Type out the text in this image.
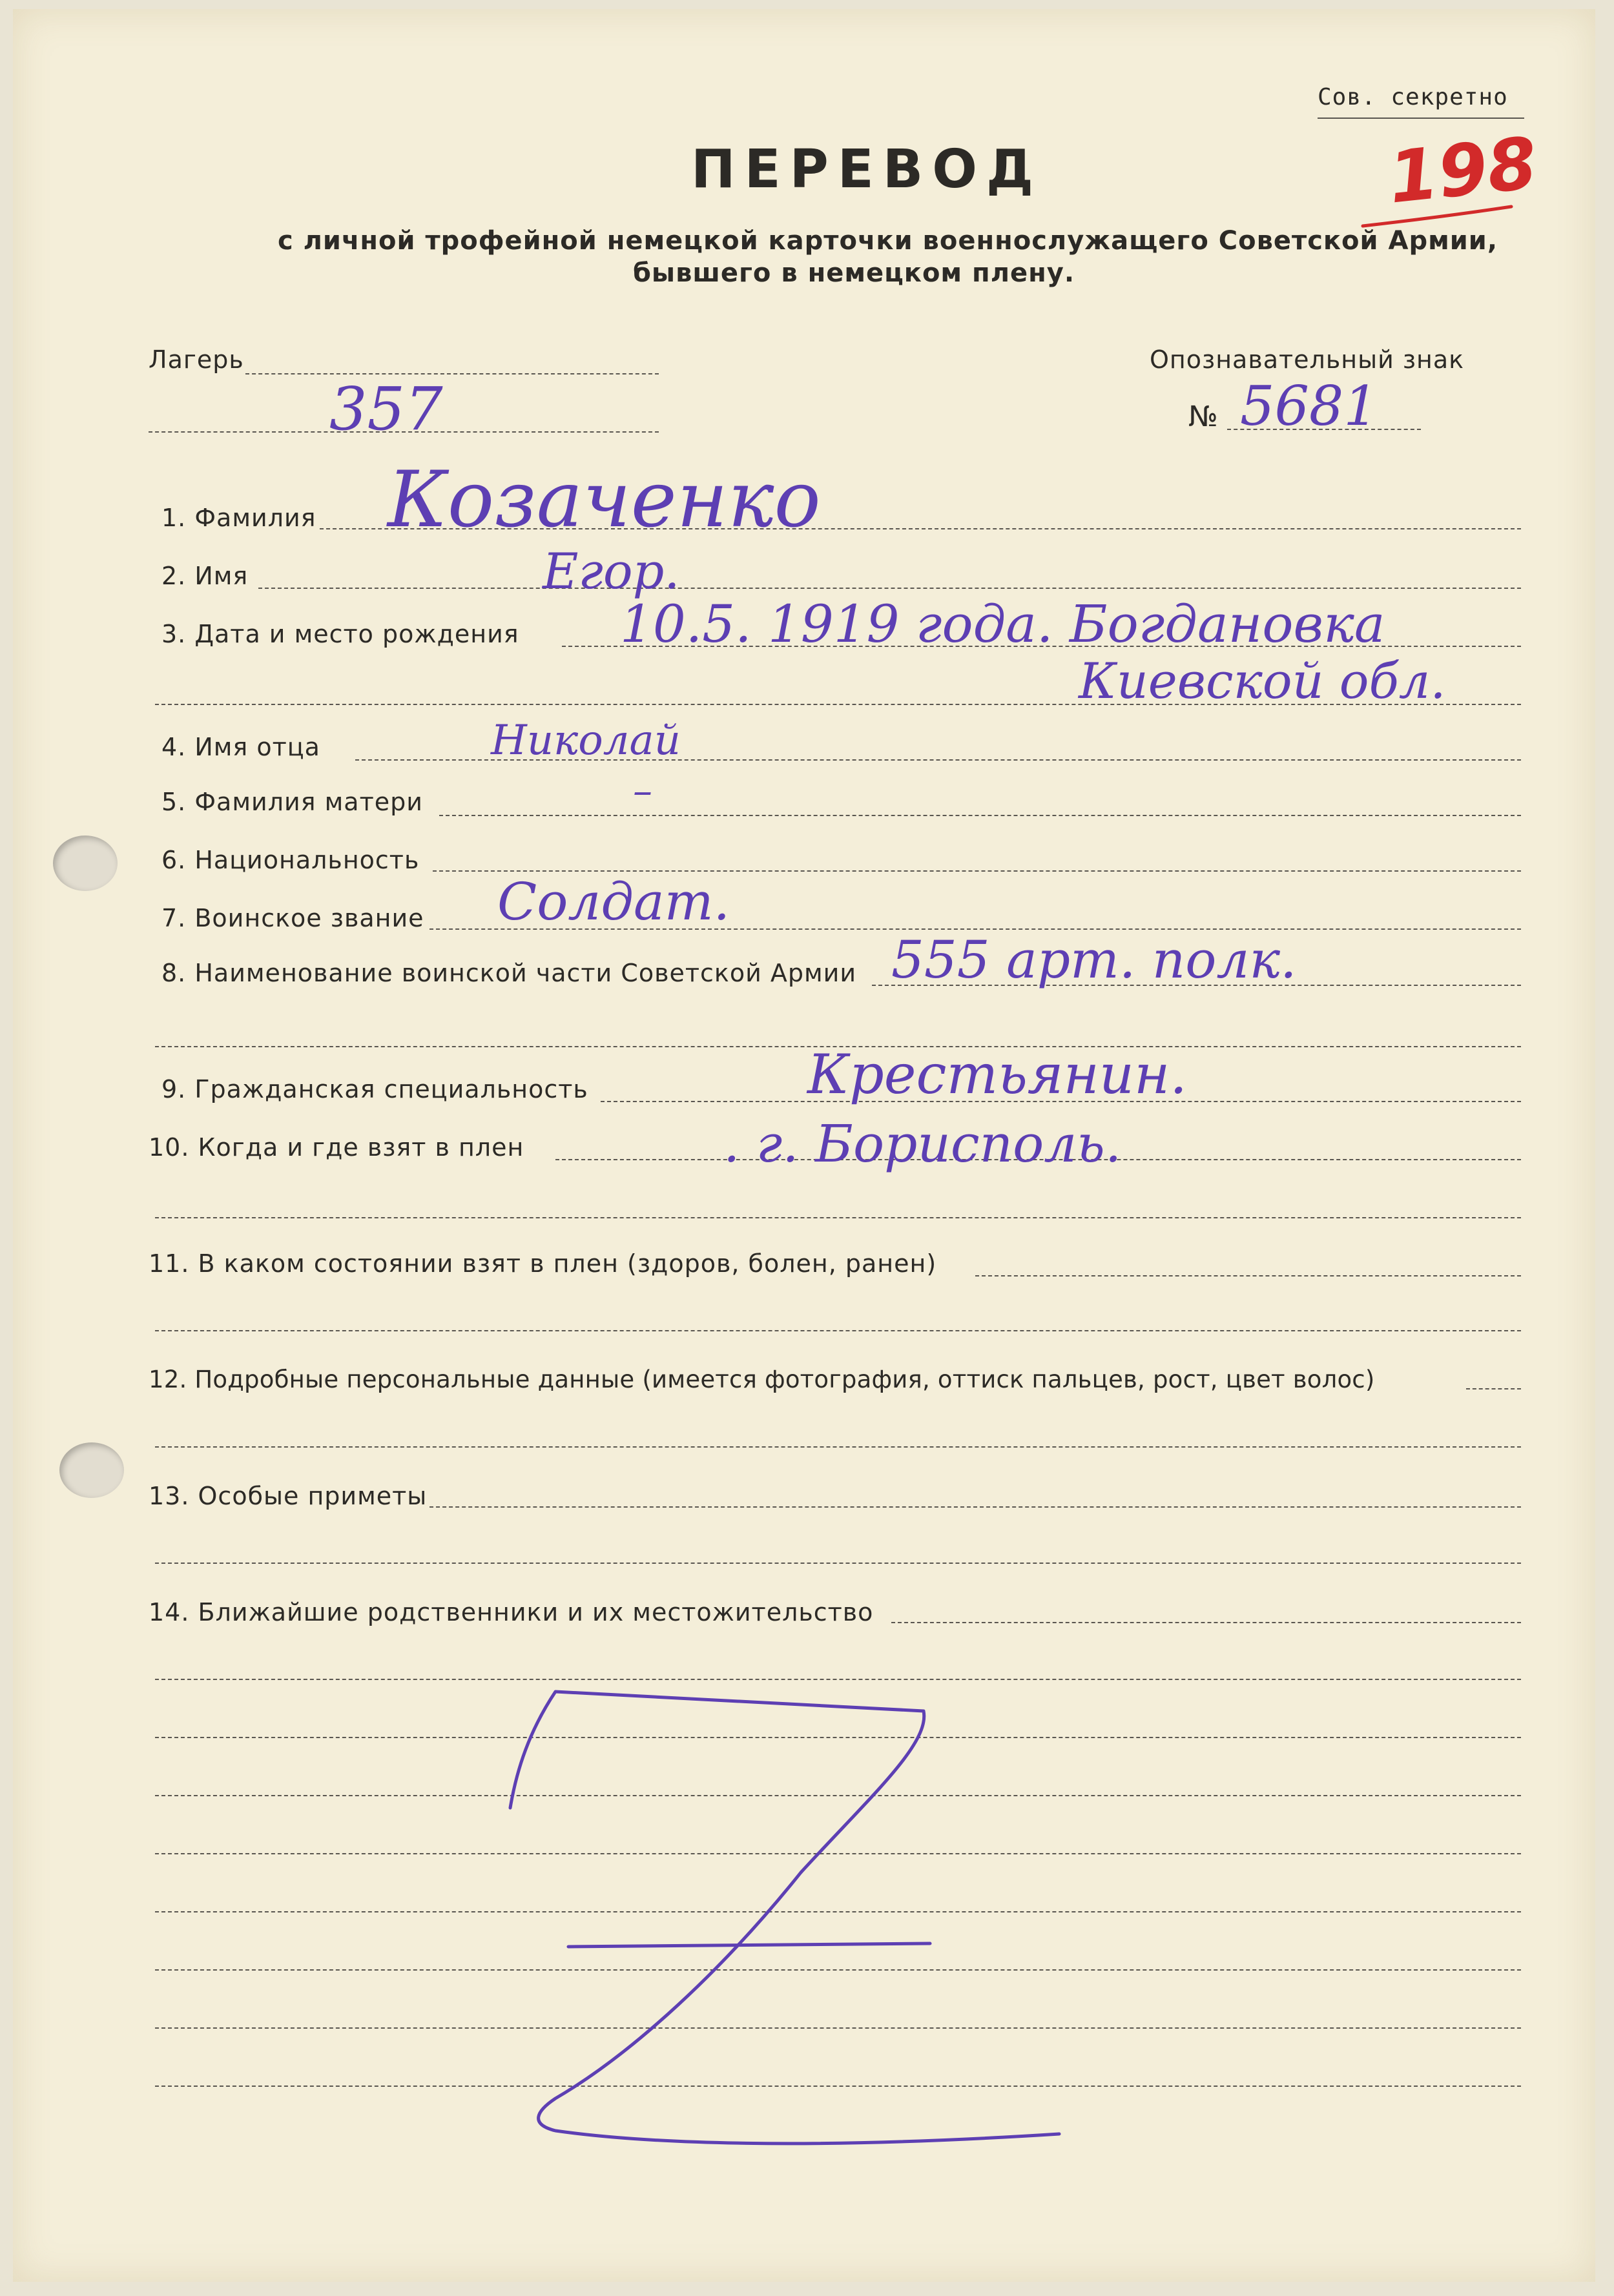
Сов. секретно
198
ПЕРЕВОД
с личной трофейной немецкой карточки военнослужащего Советской Армии,
бывшего в немецком плену.
Лагерь
357
Опознавательный знак
№ 5681
1. Фамилия Козаченко
2. Имя	Егор.
3. Дата и место рождения 10.5. 1919 года. Богдановка
Киевской обл.
4. Имя отца	Николай
5. Фамилия матери	–
6. Национальность
7. Воинское звание Солдат.
8. Наименование воинской части Советской Армии 555 арт. полк.
9. Гражданская специальность	Крестьянин.
10. Когда и где взят в плен	. г. Борисполь.
11. В каком состоянии взят в плен (здоров, болен, ранен)
12. Подробные персональные данные (имеется фотография, оттиск пальцев, рост, цвет волос)
13. Особые приметы
14. Ближайшие родственники и их местожительство
